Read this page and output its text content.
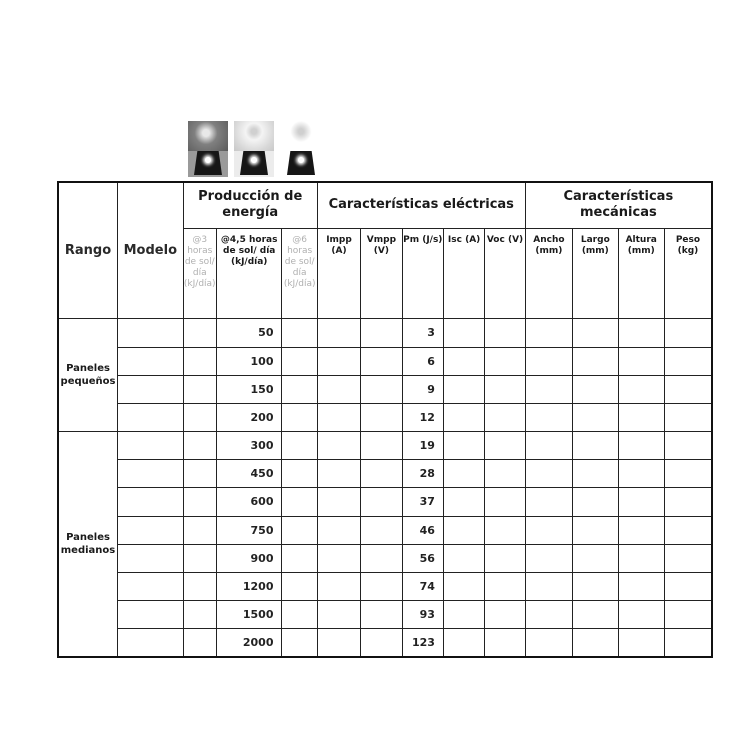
Rango	Modelo	Producción de energía			Características eléctricas					Características mecánicas			
		@3 horas de sol/ día (kJ/día)	@4,5 horas de sol/ día (kJ/día)	@6 horas de sol/ día (kJ/día)	Impp (A)	Vmpp (V)	Pm (J/s)	Isc (A)	Voc (V)	Ancho (mm)	Largo (mm)	Altura (mm)	Peso (kg)
Paneles pequeños			50				3						
			100				6						
			150				9						
			200				12						
Paneles medianos			300				19						
			450				28						
			600				37						
			750				46						
			900				56						
			1200				74						
			1500				93						
			2000				123						
